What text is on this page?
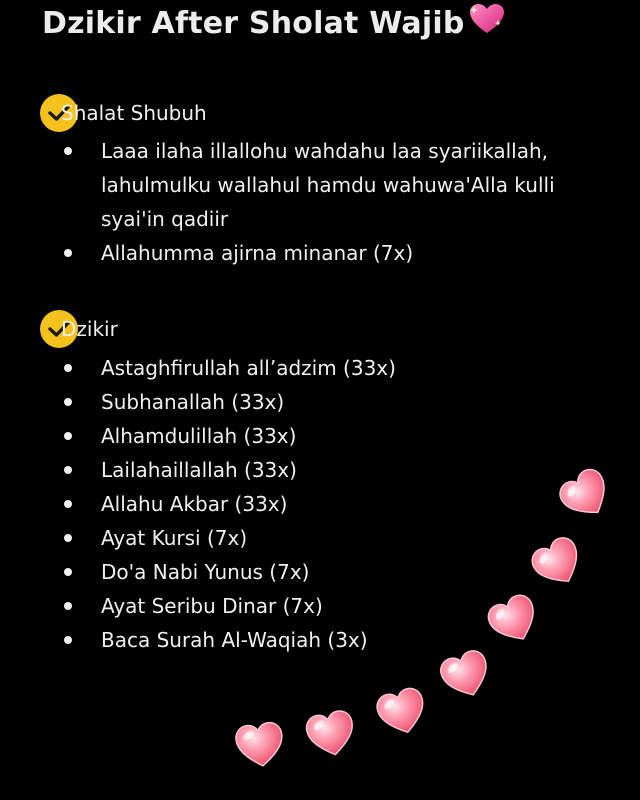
Dzikir After Sholat Wajib
Shalat Shubuh
Laaa ilaha illallohu wahdahu laa syariikallah, lahulmulku wallahul hamdu wahuwa'Alla kulli syai'in qadiir
Allahumma ajirna minanar (7x)
Dzikir
Astaghfirullah all’adzim (33x)
Subhanallah (33x)
Alhamdulillah (33x)
Lailahaillallah (33x)
Allahu Akbar (33x)
Ayat Kursi (7x)
Do'a Nabi Yunus (7x)
Ayat Seribu Dinar (7x)
Baca Surah Al-Waqiah (3x)
